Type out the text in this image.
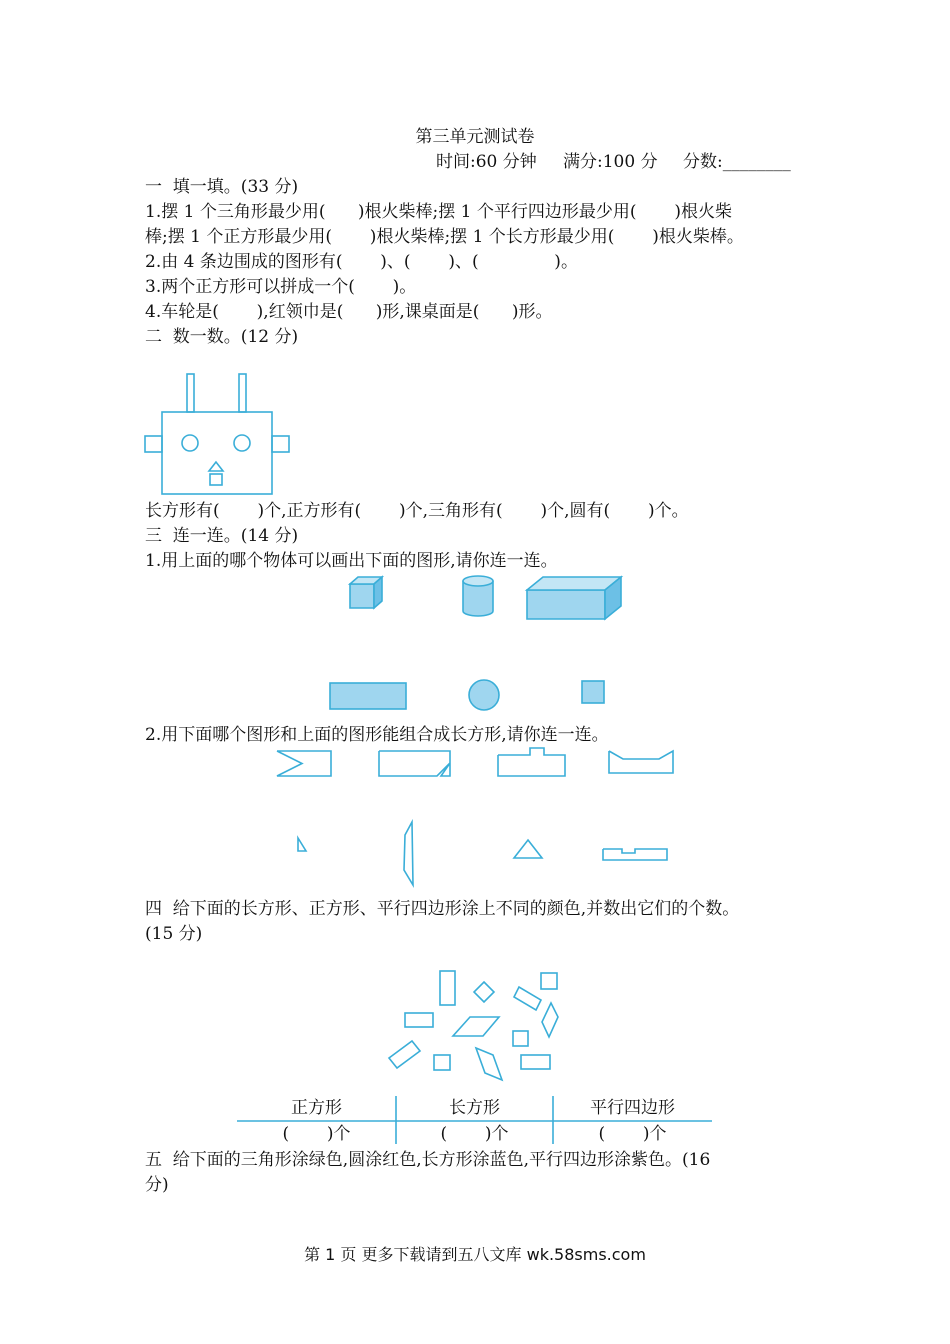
第三单元测试卷
时间:60 分钟 满分:100 分 分数:________
一  填一填。(33 分)
1.摆 1 个三角形最少用(      )根火柴棒;摆 1 个平行四边形最少用(       )根火柴
棒;摆 1 个正方形最少用(       )根火柴棒;摆 1 个长方形最少用(       )根火柴棒。
2.由 4 条边围成的图形有(       )、(       )、(              )。
3.两个正方形可以拼成一个(       )。
4.车轮是(       ),红领巾是(      )形,课桌面是(      )形。
二  数一数。(12 分)
长方形有(       )个,正方形有(       )个,三角形有(       )个,圆有(       )个。
三  连一连。(14 分)
1.用上面的哪个物体可以画出下面的图形,请你连一连。
2.用下面哪个图形和上面的图形能组合成长方形,请你连一连。
四  给下面的长方形、正方形、平行四边形涂上不同的颜色,并数出它们的个数。
(15 分)
正方形	长方形	平行四边形
(       )个	(       )个	(       )个
五  给下面的三角形涂绿色,圆涂红色,长方形涂蓝色,平行四边形涂紫色。(16
分)
第 1 页 更多下载请到五八文库 wk.58sms.com
